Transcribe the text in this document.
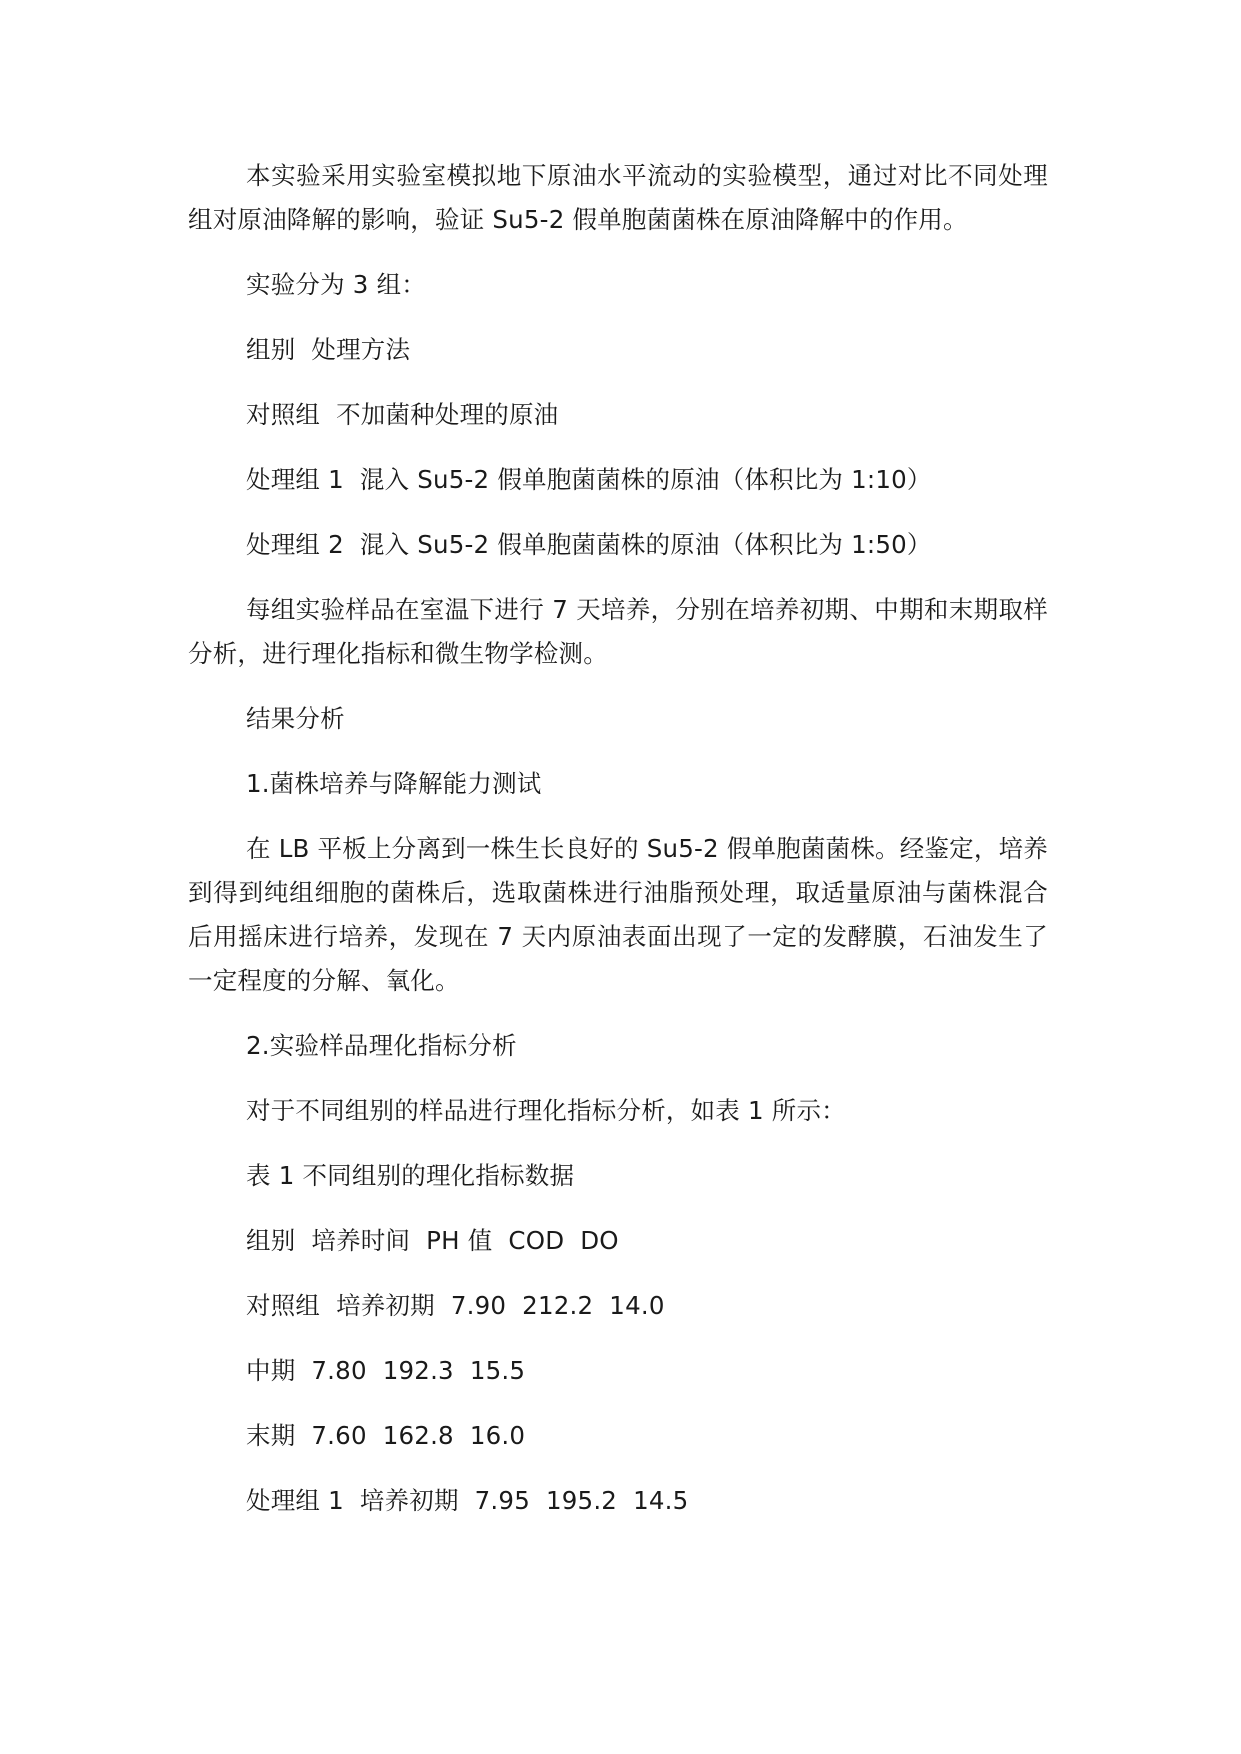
本实验采用实验室模拟地下原油水平流动的实验模型，通过对比不同处理组对原油降解的影响，验证 Su5-2 假单胞菌菌株在原油降解中的作用。

实验分为 3 组：

组别  处理方法

对照组  不加菌种处理的原油

处理组 1  混入 Su5-2 假单胞菌菌株的原油（体积比为 1:10）

处理组 2  混入 Su5-2 假单胞菌菌株的原油（体积比为 1:50）

每组实验样品在室温下进行 7 天培养，分别在培养初期、中期和末期取样分析，进行理化指标和微生物学检测。

结果分析

1.菌株培养与降解能力测试

在 LB 平板上分离到一株生长良好的 Su5-2 假单胞菌菌株。经鉴定，培养到得到纯组细胞的菌株后，选取菌株进行油脂预处理，取适量原油与菌株混合后用摇床进行培养，发现在 7 天内原油表面出现了一定的发酵膜，石油发生了一定程度的分解、氧化。

2.实验样品理化指标分析

对于不同组别的样品进行理化指标分析，如表 1 所示：

表 1 不同组别的理化指标数据

组别  培养时间  PH 值  COD  DO

对照组  培养初期  7.90  212.2  14.0

中期  7.80  192.3  15.5

末期  7.60  162.8  16.0

处理组 1  培养初期  7.95  195.2  14.5
